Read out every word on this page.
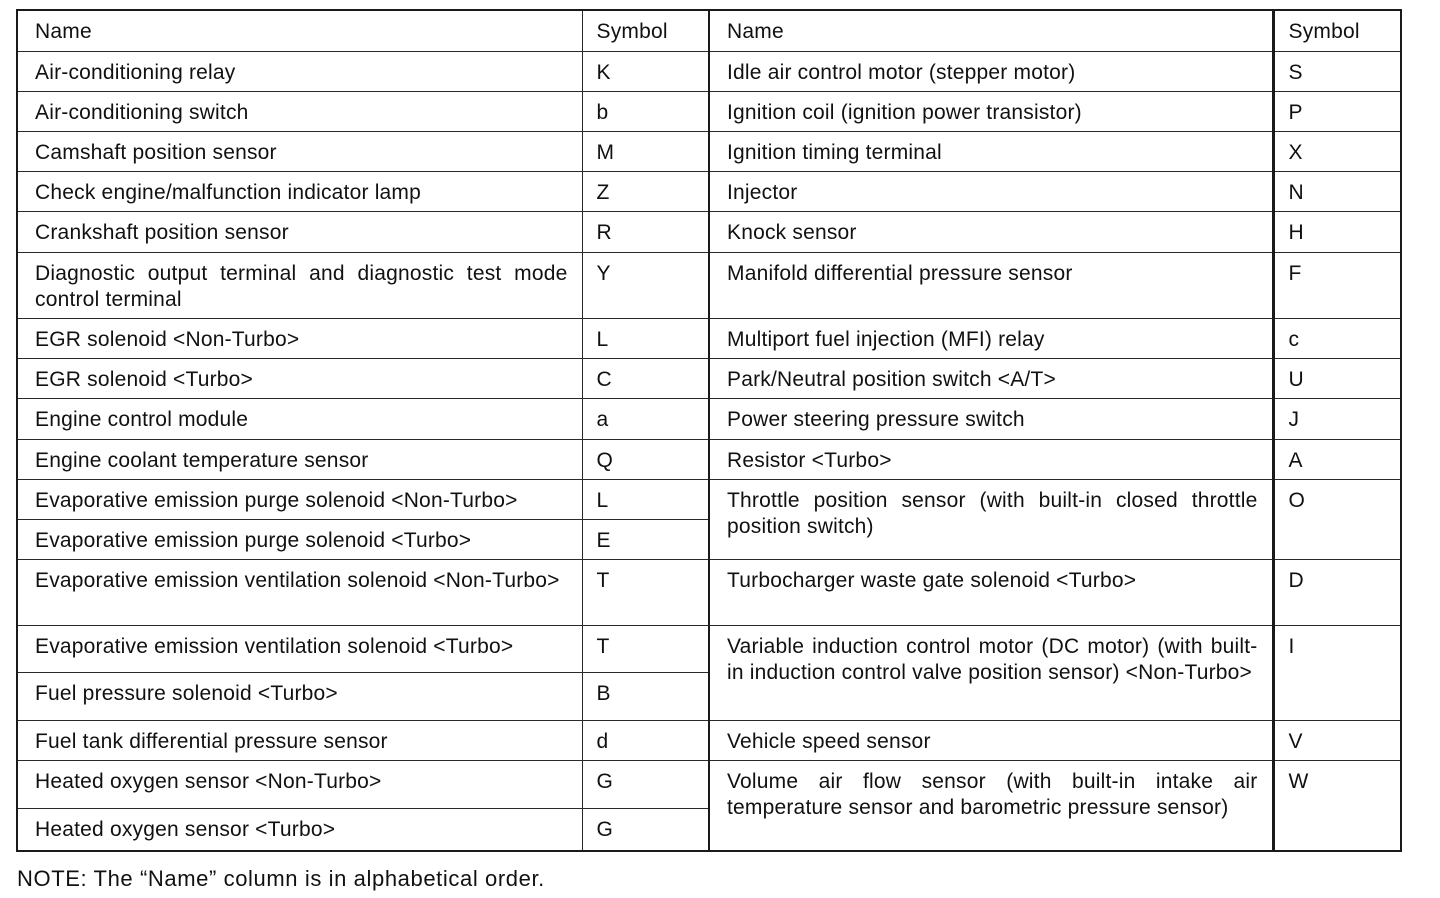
Name	Symbol	Name	Symbol
Air-conditioning relay	K	Idle air control motor (stepper motor)	S
Air-conditioning switch	b	Ignition coil (ignition power transistor)	P
Camshaft position sensor	M	Ignition timing terminal	X
Check engine/malfunction indicator lamp	Z	Injector	N
Crankshaft position sensor	R	Knock sensor	H
Diagnostic output terminal and diagnostic test mode control terminal	Y	Manifold differential pressure sensor	F
EGR solenoid <Non-Turbo>	L	Multiport fuel injection (MFI) relay	c
EGR solenoid <Turbo>	C	Park/Neutral position switch <A/T>	U
Engine control module	a	Power steering pressure switch	J
Engine coolant temperature sensor	Q	Resistor <Turbo>	A
Evaporative emission purge solenoid <Non-Turbo>	L	Throttle position sensor (with built-in closed throttle position switch)	O
Evaporative emission purge solenoid <Turbo>	E		
Evaporative emission ventilation solenoid <Non-Turbo>	T	Turbocharger waste gate solenoid <Turbo>	D
Evaporative emission ventilation solenoid <Turbo>	T	Variable induction control motor (DC motor) (with built-in induction control valve position sensor) <Non-Turbo>	I
Fuel pressure solenoid <Turbo>	B		
Fuel tank differential pressure sensor	d	Vehicle speed sensor	V
Heated oxygen sensor <Non-Turbo>	G	Volume air flow sensor (with built-in intake air temperature sensor and barometric pressure sensor)	W
Heated oxygen sensor <Turbo>	G		
NOTE: The “Name” column is in alphabetical order.
